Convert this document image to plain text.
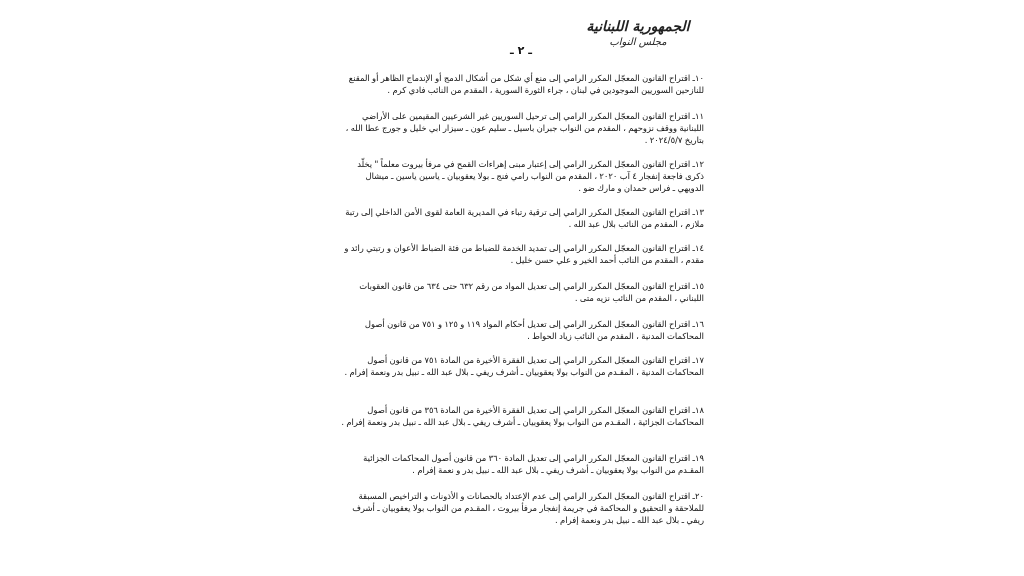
الجمهورية اللبنانية
مجلس النواب
ـ ٢ ـ

١٠ـ اقتراح القانون المعجّل المكرر الرامي إلى منع أي شكل من أشكال الدمج أو الإندماج الظاهر أو المقنع للنازحين السوريين الموجودين في لبنان ، جراء الثورة السورية ، المقدم من النائب فادي كرم .

١١ـ اقتراح القانون المعجّل المكرر الرامي إلى ترحيل السوريين غير الشرعيين المقيمين على الأراضي اللبنانية ووقف نزوحهم ، المقدم من النواب جبران باسيل ـ سليم عون ـ سيزار ابي خليل و جورج عطا الله ، بتاريخ ٢٠٢٤/٥/٧ .

١٢ـ اقتراح القانون المعجّل المكرر الرامي إلى إعتبار مبنى إهراءات القمح في مرفأ بيروت معلماً " يخلّد ذكرى فاجعة إنفجار ٤ آب ٢٠٢٠ ، المقدم من النواب رامي فنج ـ بولا يعقوبيان ـ ياسين ياسين ـ ميشال الدويهي ـ فراس حمدان و مارك ضو .

١٣ـ اقتراح القانون المعجّل المكرر الرامي إلى ترقية رتباء في المديرية العامة لقوى الأمن الداخلي إلى رتبة ملازم ، المقدم من النائب بلال عبد الله .

١٤ـ اقتراح القانون المعجّل المكرر الرامي إلى تمديد الخدمة للضباط من فئة الضباط الأعوان و رتبتي رائد و مقدم ، المقدم من النائب أحمد الخير و علي حسن خليل .

١٥ـ اقتراح القانون المعجّل المكرر الرامي إلى تعديل المواد من رقم ٦٣٢ حتى ٦٣٤ من قانون العقوبات اللبناني ، المقدم من النائب نزيه متى .

١٦ـ اقتراح القانون المعجّل المكرر الرامي إلى تعديل أحكام المواد ١١٩ و ١٢٥ و ٧٥١ من قانون أصول المحاكمات المدنية ، المقدم من النائب زياد الحواط .

١٧ـ اقتراح القانون المعجّل المكرر الرامي إلى تعديل الفقرة الأخيرة من المادة ٧٥١ من قانون أصول المحاكمات المدنية ، المقـدم من النواب بولا يعقوبيان ـ أشرف ريفي ـ بلال عبد الله ـ نبيل بدر ونعمة إفرام .

١٨ـ اقتراح القانون المعجّل المكرر الرامي إلى تعديل الفقرة الأخيرة من المادة ٣٥٦ من قانون أصول المحاكمات الجزائية ، المقـدم من النواب بولا يعقوبيان ـ أشرف ريفي ـ بلال عبد الله ـ نبيل بدر ونعمة إفرام .

١٩ـ اقتراح القانون المعجّل المكرر الرامي إلى تعديل المادة ٣٦٠ من قانون أصول المحاكمات الجزائية المقـدم من النواب بولا يعقوبيان ـ أشرف ريفي ـ بلال عبد الله ـ نبيل بدر و نعمة إفرام .

٢٠ـ اقتراح القانون المعجّل المكرر الرامي إلى عدم الإعتداد بالحصانات و الأذونات و التراخيص المسبقة للملاحقة و التحقيق و المحاكمة في جريمة إنفجار مرفأ بيروت ، المقـدم من النواب بولا يعقوبيان ـ أشرف ريفي ـ بلال عبد الله ـ نبيل بدر ونعمة إفرام .
